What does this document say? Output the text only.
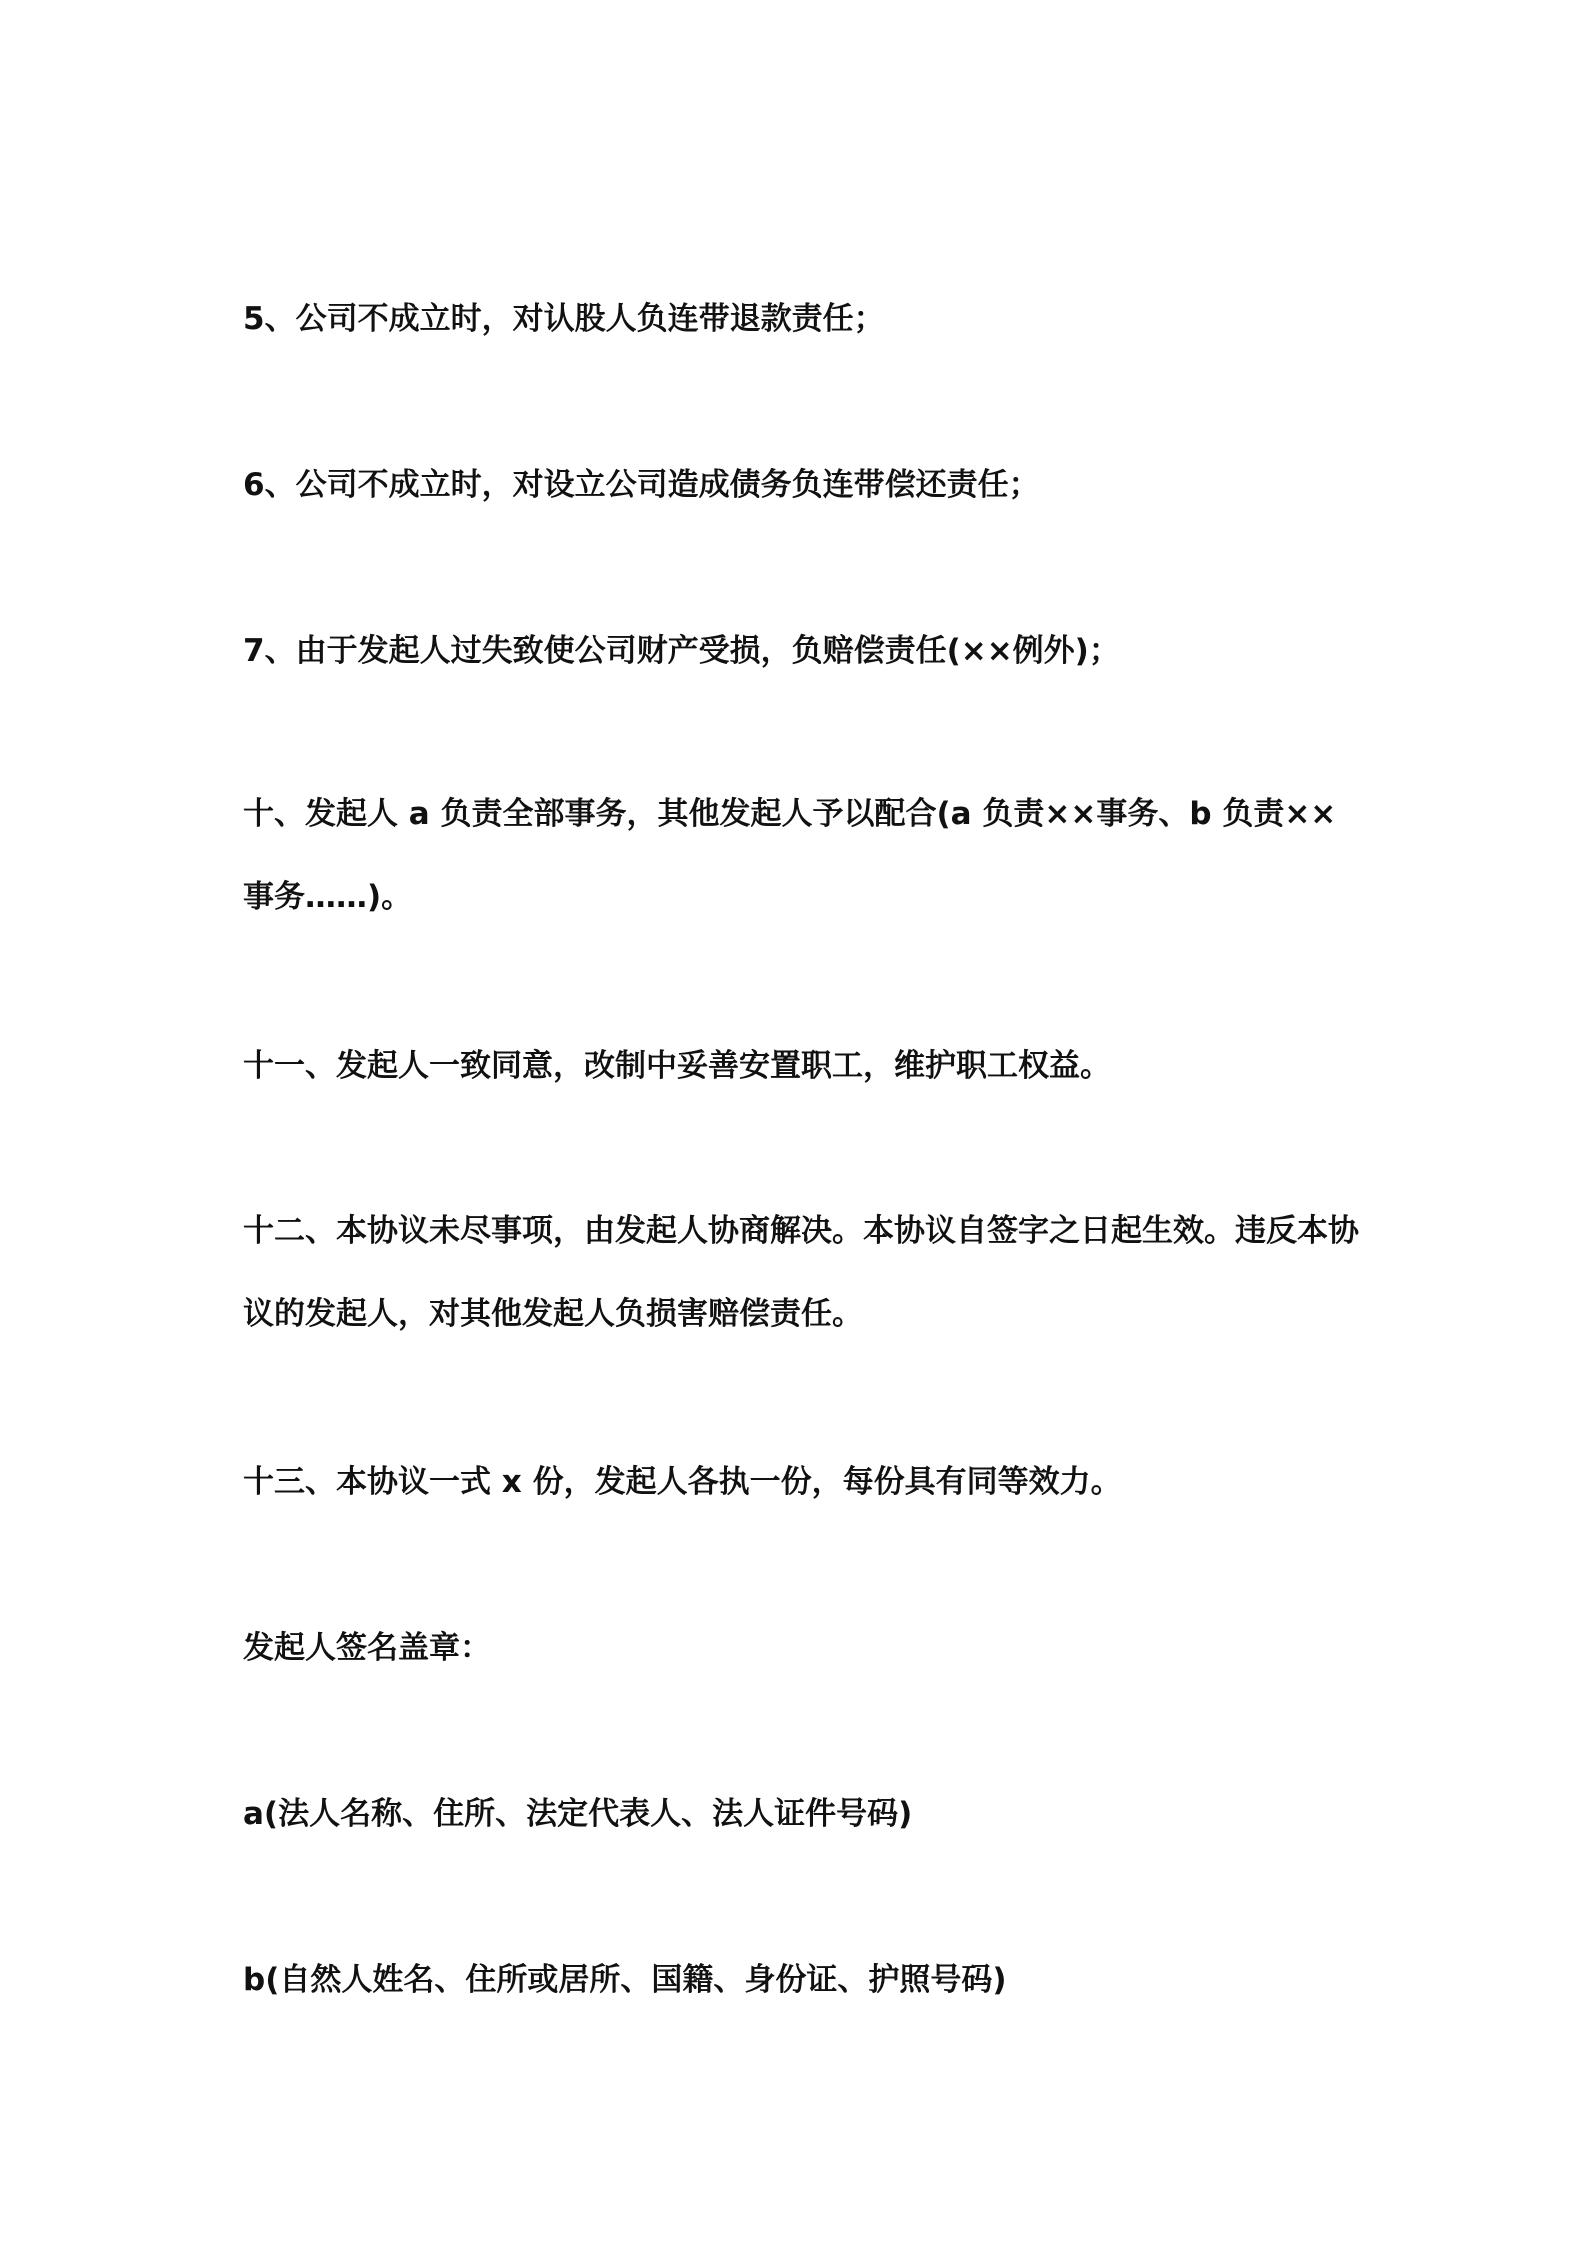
5、公司不成立时，对认股人负连带退款责任；

6、公司不成立时，对设立公司造成债务负连带偿还责任；

7、由于发起人过失致使公司财产受损，负赔偿责任(××例外)；

十、发起人 a 负责全部事务，其他发起人予以配合(a 负责××事务、b 负责××事务……)。

十一、发起人一致同意，改制中妥善安置职工，维护职工权益。

十二、本协议未尽事项，由发起人协商解决。本协议自签字之日起生效。违反本协议的发起人，对其他发起人负损害赔偿责任。

十三、本协议一式 x 份，发起人各执一份，每份具有同等效力。

发起人签名盖章：

a(法人名称、住所、法定代表人、法人证件号码)

b(自然人姓名、住所或居所、国籍、身份证、护照号码)
